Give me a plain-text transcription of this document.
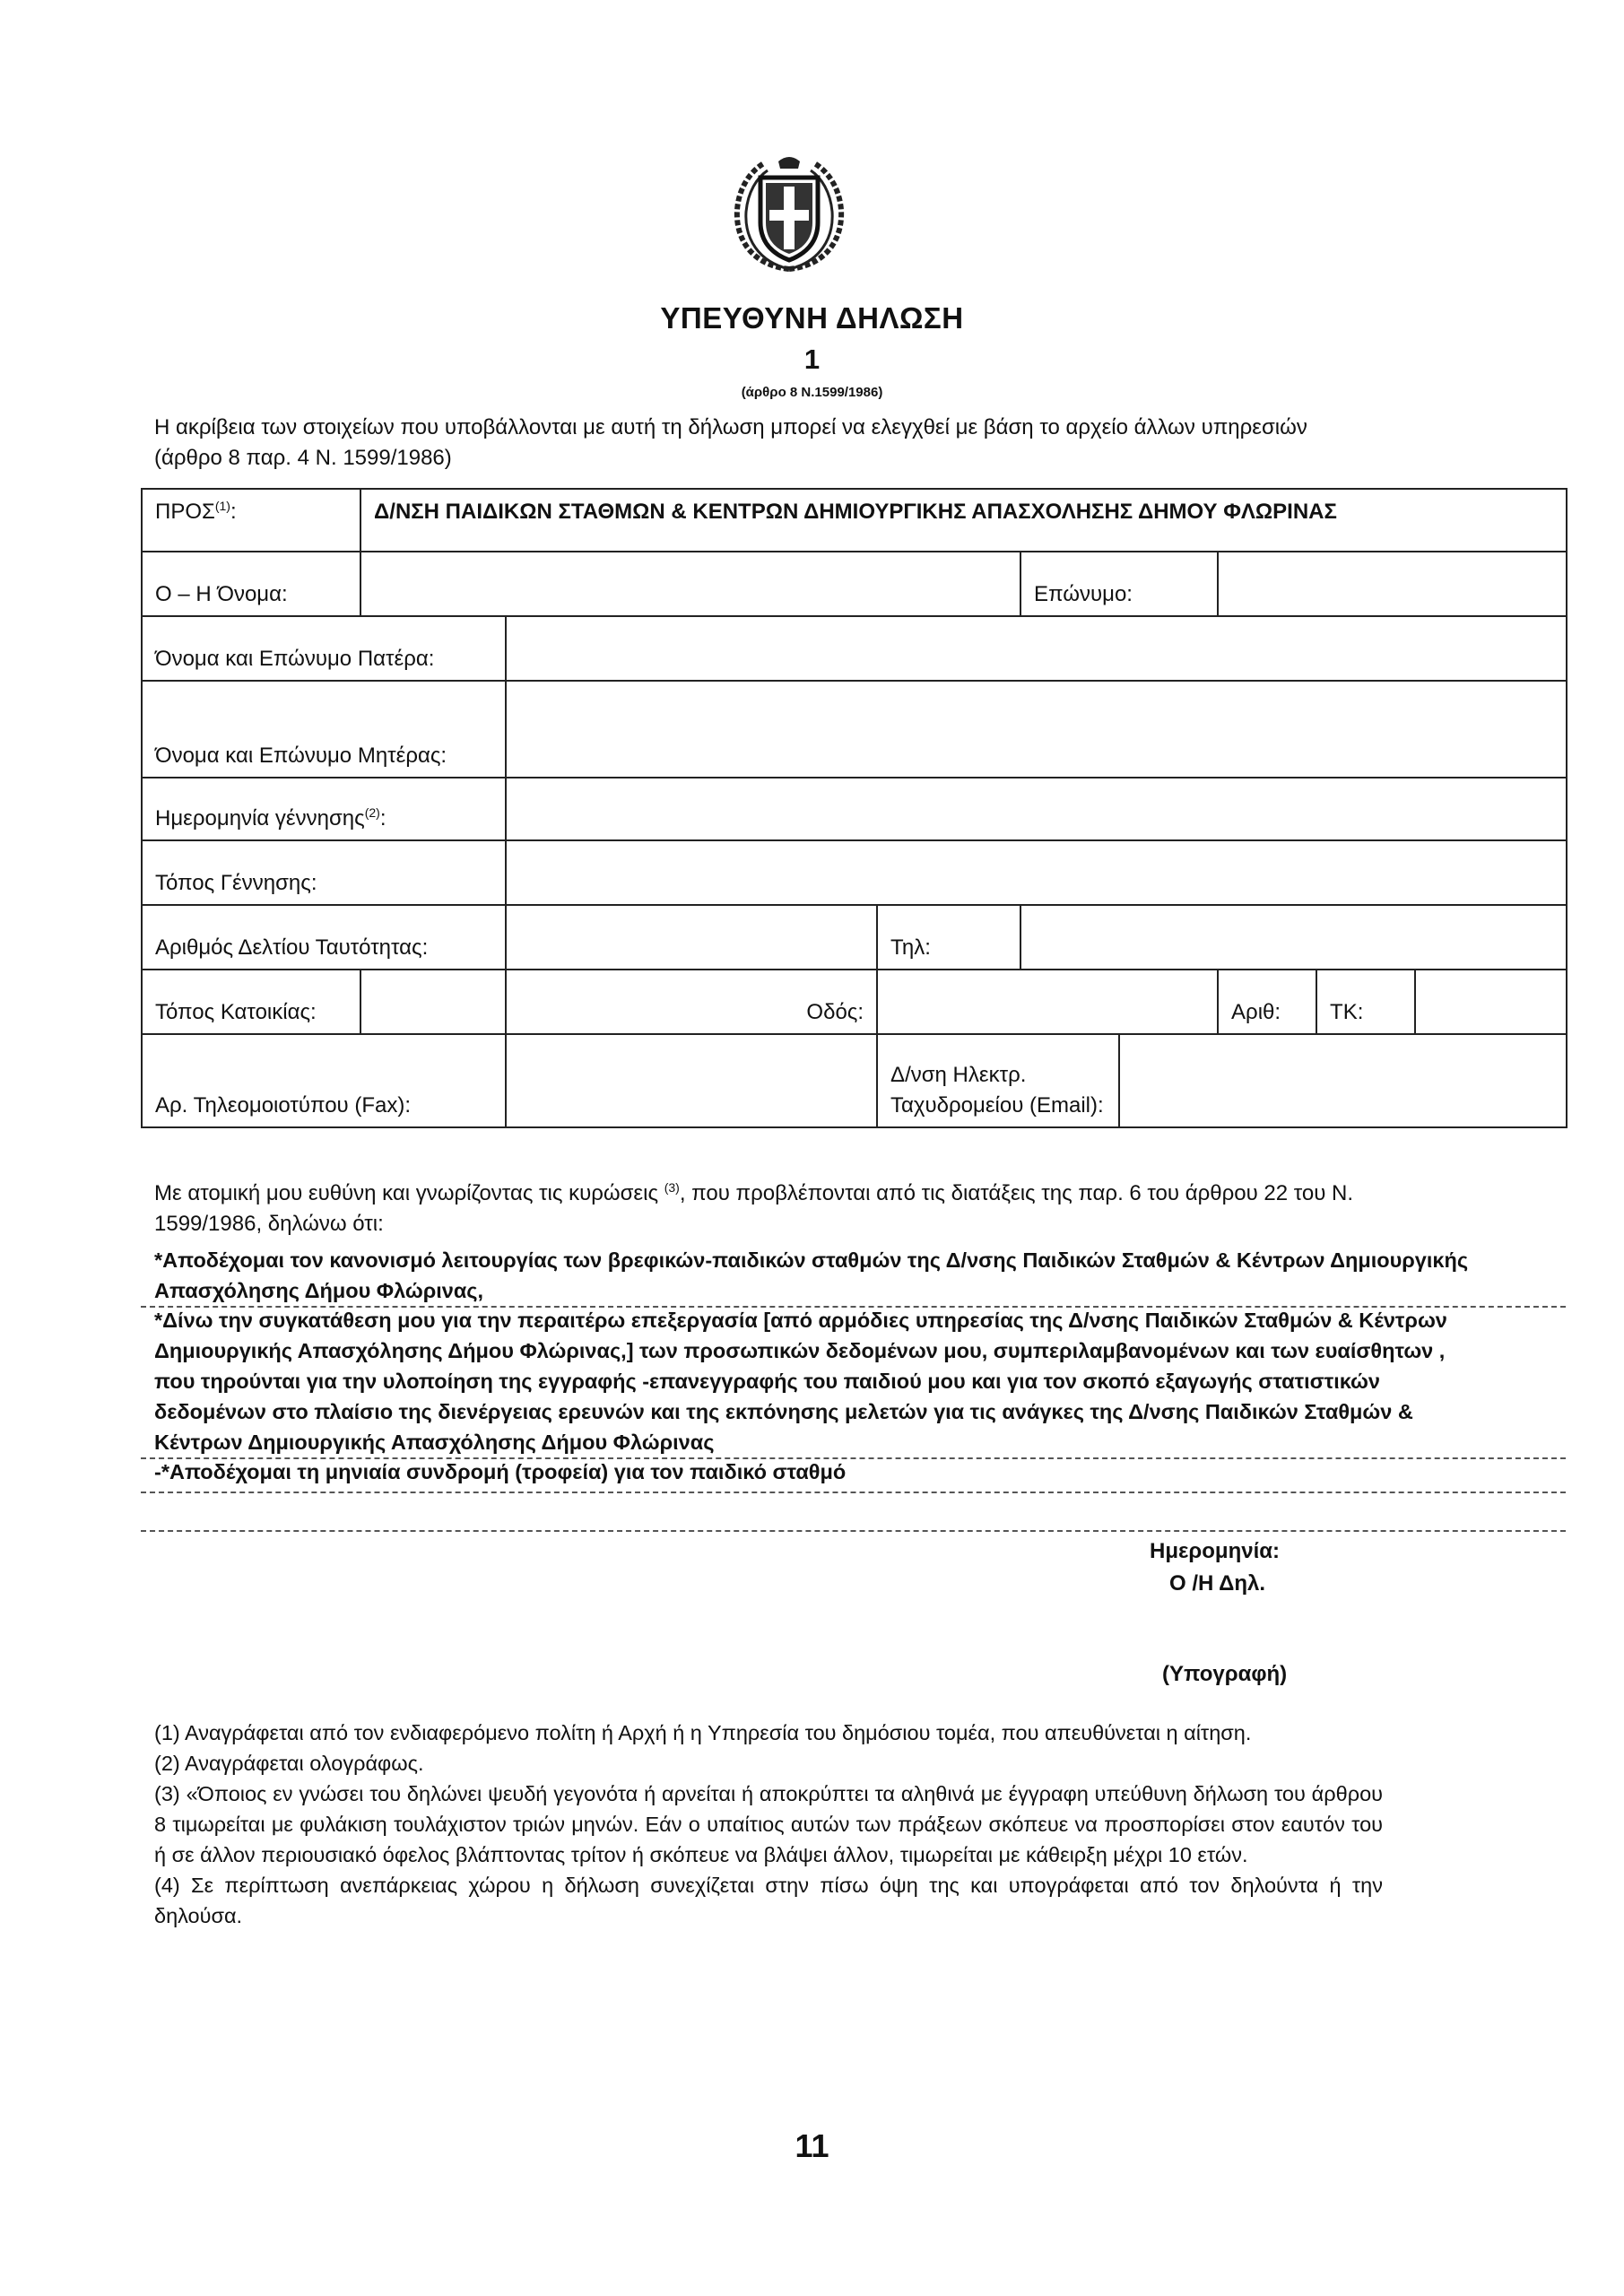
ΥΠΕΥΘΥΝΗ ΔΗΛΩΣΗ
1
(άρθρο 8 Ν.1599/1986)
Η ακρίβεια των στοιχείων που υποβάλλονται με αυτή τη δήλωση μπορεί να ελεγχθεί με βάση το αρχείο άλλων υπηρεσιών (άρθρο 8 παρ. 4 Ν. 1599/1986)
ΠΡΟΣ$^{(1)}$:	Δ/ΝΣΗ ΠΑΙΔΙΚΩΝ ΣΤΑΘΜΩΝ & ΚΕΝΤΡΩΝ ΔΗΜΙΟΥΡΓΙΚΗΣ ΑΠΑΣΧΟΛΗΣΗΣ ΔΗΜΟΥ ΦΛΩΡΙΝΑΣ							
Ο – Η Όνομα:				Επώνυμο:				
Όνομα και Επώνυμο Πατέρα:								
Όνομα και Επώνυμο Μητέρας:								
Ημερομηνία γέννησης$^{(2)}$:								
Τόπος Γέννησης:								
Αριθμός Δελτίου Ταυτότητας:			Τηλ:					
Τόπος Κατοικίας:		Οδός:				Αριθ:	ΤΚ:	
Αρ. Τηλεομοιοτύπου (Fax):			Δ/νση Ηλεκτρ. Ταχυδρομείου (Email):					
Με ατομική μου ευθύνη και γνωρίζοντας τις κυρώσεις $^{(3)}$, που προβλέπονται από τις διατάξεις της παρ. 6 του άρθρου 22 του Ν. 1599/1986, δηλώνω ότι:
*Αποδέχομαι τον κανονισμό λειτουργίας των βρεφικών-παιδικών σταθμών της Δ/νσης Παιδικών Σταθμών & Κέντρων Δημιουργικής Απασχόλησης Δήμου Φλώρινας,
*Δίνω την συγκατάθεση μου για την περαιτέρω επεξεργασία [από αρμόδιες υπηρεσίας της Δ/νσης Παιδικών Σταθμών & Κέντρων Δημιουργικής Απασχόλησης Δήμου Φλώρινας,] των προσωπικών δεδομένων μου, συμπεριλαμβανομένων και των ευαίσθητων , που τηρούνται για την υλοποίηση της εγγραφής -επανεγγραφής του παιδιού μου και για τον σκοπό εξαγωγής στατιστικών δεδομένων στο πλαίσιο της διενέργειας ερευνών και της εκπόνησης μελετών για τις ανάγκες της Δ/νσης Παιδικών Σταθμών & Κέντρων Δημιουργικής Απασχόλησης Δήμου Φλώρινας
-*Αποδέχομαι τη μηνιαία συνδρομή (τροφεία) για τον παιδικό σταθμό
Ημερομηνία:
Ο /Η Δηλ.
(Υπογραφή)

(1) Αναγράφεται από τον ενδιαφερόμενο πολίτη ή Αρχή ή η Υπηρεσία του δημόσιου τομέα, που απευθύνεται η αίτηση.

(2) Αναγράφεται ολογράφως.

(3) «Όποιος εν γνώσει του δηλώνει ψευδή γεγονότα ή αρνείται ή αποκρύπτει τα αληθινά με έγγραφη υπεύθυνη δήλωση του άρθρου 8 τιμωρείται με φυλάκιση τουλάχιστον τριών μηνών. Εάν ο υπαίτιος αυτών των πράξεων σκόπευε να προσπορίσει στον εαυτόν του ή σε άλλον περιουσιακό όφελος βλάπτοντας τρίτον ή σκόπευε να βλάψει άλλον, τιμωρείται με κάθειρξη μέχρι 10 ετών.

(4) Σε περίπτωση ανεπάρκειας χώρου η δήλωση συνεχίζεται στην πίσω όψη της και υπογράφεται από τον δηλούντα ή την δηλούσα.

11
